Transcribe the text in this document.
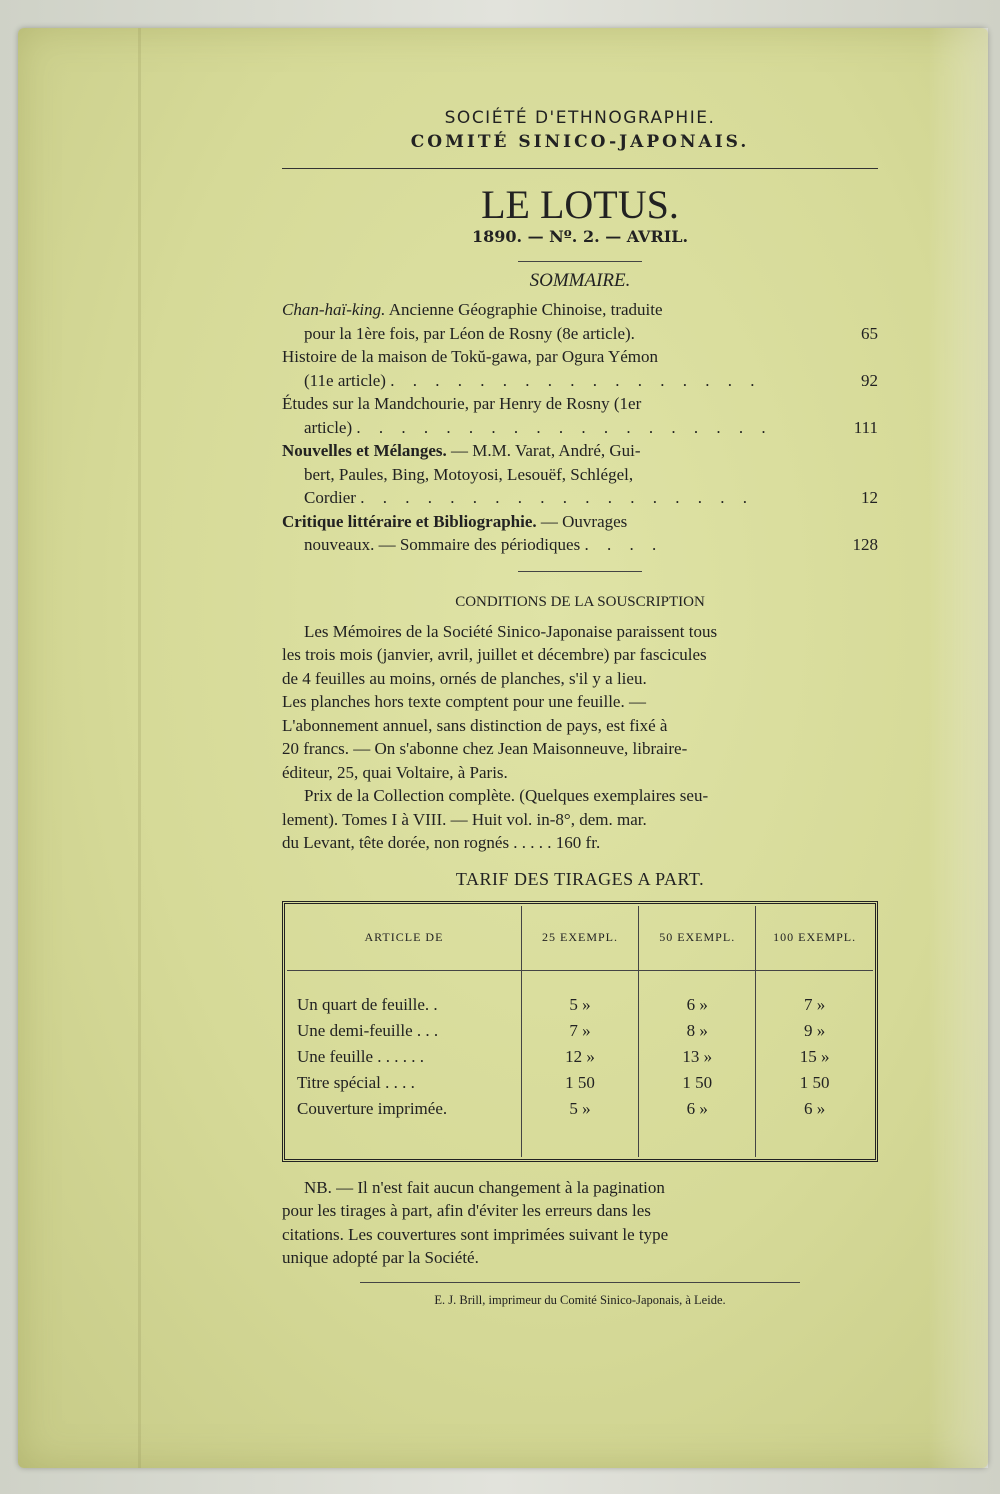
SOCIÉTÉ D'ETHNOGRAPHIE.
COMITÉ SINICO-JAPONAIS.
LE LOTUS.
1890. — Nº. 2. — AVRIL.
SOMMAIRE.
Chan-haï-king. Ancienne Géographie Chinoise, traduite
pour la 1ère fois, par Léon de Rosny (8e article).	65
Histoire de la maison de Tokŭ-gawa, par Ogura Yémon
(11e article) . . . . . . . . . . . . . . . . .	92
Études sur la Mandchourie, par Henry de Rosny (1er
article) . . . . . . . . . . . . . . . . . . .	111
Nouvelles et Mélanges. — M.M. Varat, André, Gui-
bert, Paules, Bing, Motoyosi, Lesouëf, Schlégel,
Cordier . . . . . . . . . . . . . . . . . .	12
Critique littéraire et Bibliographie. — Ouvrages
nouveaux. — Sommaire des périodiques . . . .	128
CONDITIONS DE LA SOUSCRIPTION
Les Mémoires de la Société Sinico-Japonaise paraissent tous
les trois mois (janvier, avril, juillet et décembre) par fascicules
de 4 feuilles au moins, ornés de planches, s'il y a lieu.
Les planches hors texte comptent pour une feuille. —
L'abonnement annuel, sans distinction de pays, est fixé à
20 francs. — On s'abonne chez Jean Maisonneuve, libraire-
éditeur, 25, quai Voltaire, à Paris.
Prix de la Collection complète. (Quelques exemplaires seu-
lement). Tomes I à VIII. — Huit vol. in-8°, dem. mar.
du Levant, tête dorée, non rognés . . . . . 160 fr.
TARIF DES TIRAGES A PART.
ARTICLE DE	25 EXEMPL.	50 EXEMPL.	100 EXEMPL.
Un quart de feuille. .	5 »	6 »	7 »
Une demi-feuille . . .	7 »	8 »	9 »
Une feuille . . . . . .	12 »	13 »	15 »
Titre spécial . . . .	1 50	1 50	1 50
Couverture imprimée.	5 »	6 »	6 »
NB. — Il n'est fait aucun changement à la pagination
pour les tirages à part, afin d'éviter les erreurs dans les
citations. Les couvertures sont imprimées suivant le type
unique adopté par la Société.
E. J. Brill, imprimeur du Comité Sinico-Japonais, à Leide.
